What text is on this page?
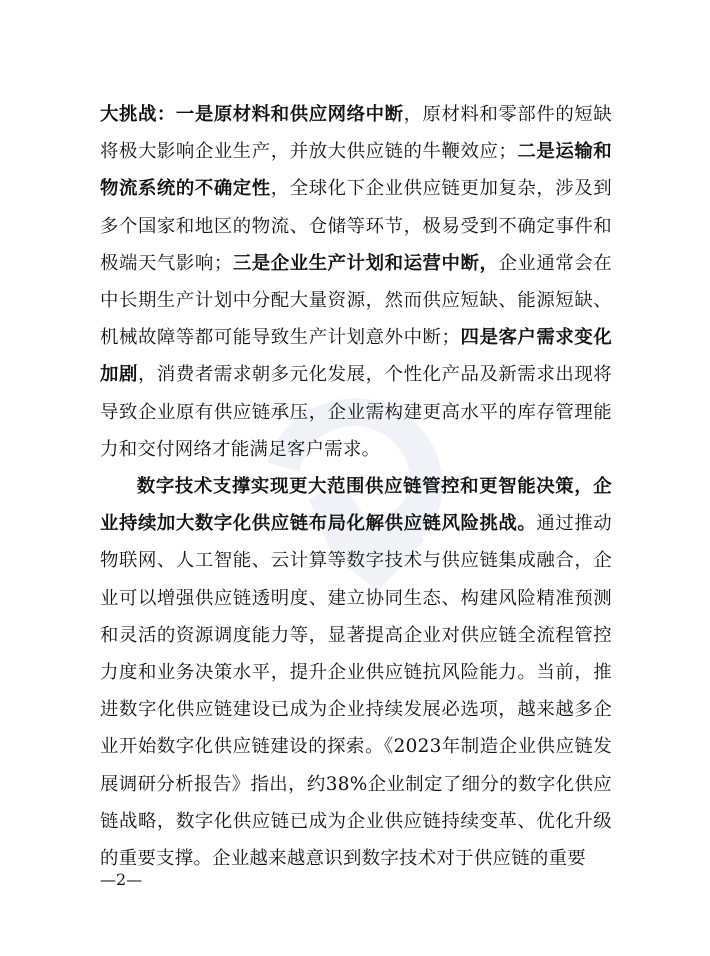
大挑战：一是原材料和供应网络中断，原材料和零部件的短缺将极大影响企业生产，并放大供应链的牛鞭效应；二是运输和物流系统的不确定性，全球化下企业供应链更加复杂，涉及到多个国家和地区的物流、仓储等环节，极易受到不确定事件和极端天气影响；三是企业生产计划和运营中断，企业通常会在中长期生产计划中分配大量资源，然而供应短缺、能源短缺、机械故障等都可能导致生产计划意外中断；四是客户需求变化加剧，消费者需求朝多元化发展，个性化产品及新需求出现将导致企业原有供应链承压，企业需构建更高水平的库存管理能力和交付网络才能满足客户需求。

数字技术支撑实现更大范围供应链管控和更智能决策，企业持续加大数字化供应链布局化解供应链风险挑战。通过推动物联网、人工智能、云计算等数字技术与供应链集成融合，企业可以增强供应链透明度、建立协同生态、构建风险精准预测和灵活的资源调度能力等，显著提高企业对供应链全流程管控力度和业务决策水平，提升企业供应链抗风险能力。当前，推进数字化供应链建设已成为企业持续发展必选项，越来越多企业开始数字化供应链建设的探索。《2023年制造企业供应链发展调研分析报告》指出，约38%企业制定了细分的数字化供应链战略，数字化供应链已成为企业供应链持续变革、优化升级的重要支撑。企业越来越意识到数字技术对于供应链的重要

—2—
